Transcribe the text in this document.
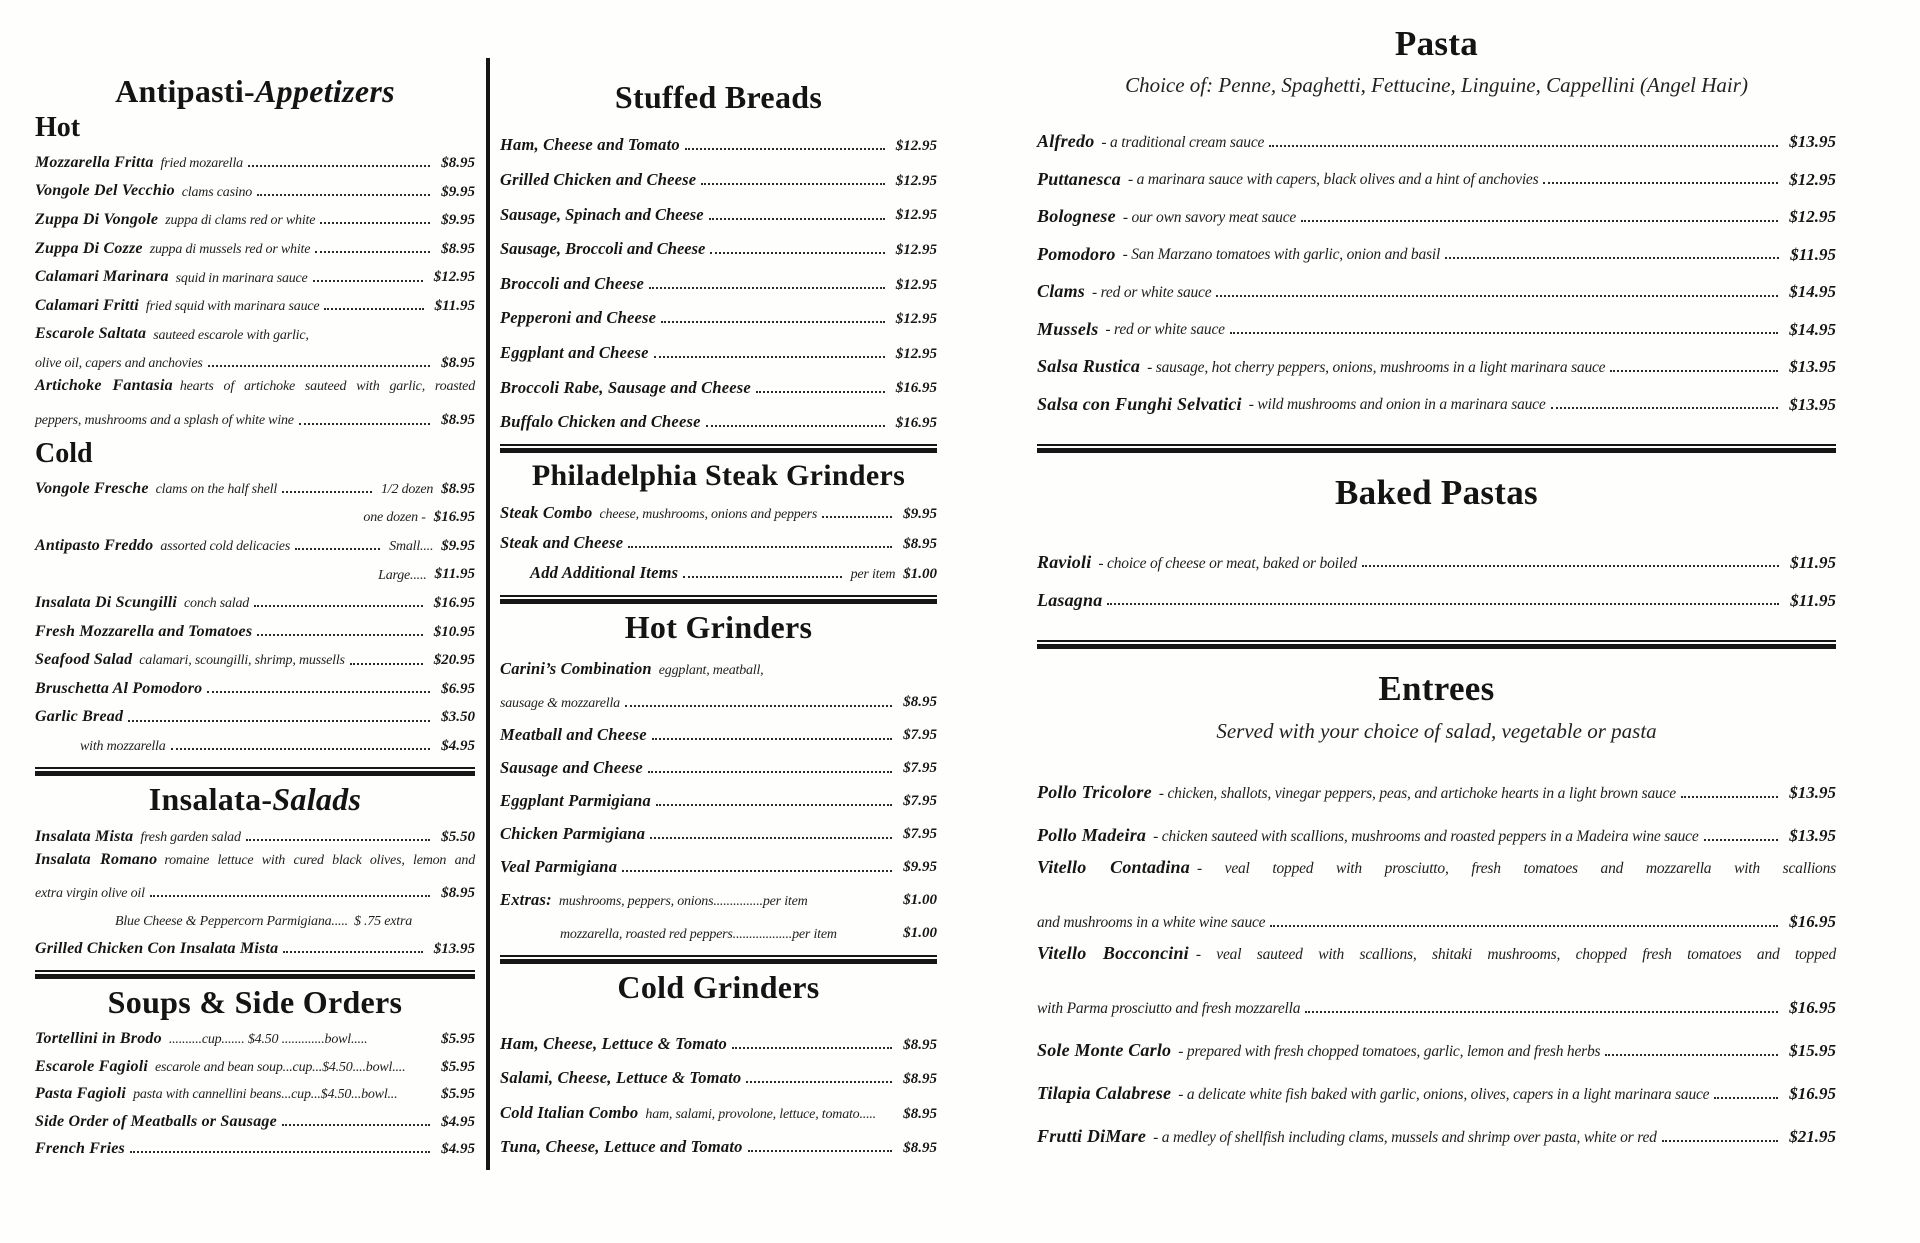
Antipasti-Appetizers
Hot
Mozzarella Fritta fried mozarella	$8.95
Vongole Del Vecchio clams casino	$9.95
Zuppa Di Vongole zuppa di clams red or white	$9.95
Zuppa Di Cozze zuppa di mussels red or white	$8.95
Calamari Marinara squid in marinara sauce	$12.95
Calamari Fritti fried squid with marinara sauce	$11.95
Escarole Saltata sauteed escarole with garlic,
olive oil, capers and anchovies	$8.95
Artichoke Fantasia hearts of artichoke sauteed with garlic, roasted
peppers, mushrooms and a splash of white wine	$8.95
Cold
Vongole Fresche clams on the half shell	1/2 dozen $8.95
one dozen - $16.95
Antipasto Freddo assorted cold delicacies	Small.... $9.95
Large..... $11.95
Insalata Di Scungilli conch salad	$16.95
Fresh Mozzarella and Tomatoes	$10.95
Seafood Salad calamari, scoungilli, shrimp, mussells	$20.95
Bruschetta Al Pomodoro	$6.95
Garlic Bread	$3.50
with mozzarella	$4.95
Insalata-Salads
Insalata Mista fresh garden salad	$5.50
Insalata Romano romaine lettuce with cured black olives, lemon and
extra virgin olive oil	$8.95
Blue Cheese & Peppercorn Parmigiana..... $ .75 extra
Grilled Chicken Con Insalata Mista	$13.95
Soups & Side Orders
Tortellini in Brodo ..........cup....... $4.50 .............bowl.....	$5.95
Escarole Fagioli escarole and bean soup...cup...$4.50....bowl.... $5.95
Pasta Fagioli pasta with cannellini beans...cup...$4.50...bowl...	$5.95
Side Order of Meatballs or Sausage	$4.95
French Fries	$4.95
Stuffed Breads
Ham, Cheese and Tomato	$12.95
Grilled Chicken and Cheese	$12.95
Sausage, Spinach and Cheese	$12.95
Sausage, Broccoli and Cheese	$12.95
Broccoli and Cheese	$12.95
Pepperoni and Cheese	$12.95
Eggplant and Cheese	$12.95
Broccoli Rabe, Sausage and Cheese	$16.95
Buffalo Chicken and Cheese	$16.95
Philadelphia Steak Grinders
Steak Combo cheese, mushrooms, onions and peppers	$9.95
Steak and Cheese	$8.95
Add Additional Items	per item $1.00
Hot Grinders
Carini’s Combination eggplant, meatball,
sausage & mozzarella	$8.95
Meatball and Cheese	$7.95
Sausage and Cheese	$7.95
Eggplant Parmigiana	$7.95
Chicken Parmigiana	$7.95
Veal Parmigiana	$9.95
Extras: mushrooms, peppers, onions...............per item	$1.00
mozzarella, roasted red peppers..................per item	$1.00
Cold Grinders
Ham, Cheese, Lettuce & Tomato	$8.95
Salami, Cheese, Lettuce & Tomato	$8.95
Cold Italian Combo ham, salami, provolone, lettuce, tomato..... $8.95
Tuna, Cheese, Lettuce and Tomato	$8.95
Pasta
Choice of: Penne, Spaghetti, Fettucine, Linguine, Cappellini (Angel Hair)
Alfredo - a traditional cream sauce	$13.95
Puttanesca - a marinara sauce with capers, black olives and a hint of anchovies	$12.95
Bolognese - our own savory meat sauce	$12.95
Pomodoro - San Marzano tomatoes with garlic, onion and basil	$11.95
Clams - red or white sauce	$14.95
Mussels - red or white sauce	$14.95
Salsa Rustica - sausage, hot cherry peppers, onions, mushrooms in a light marinara sauce	$13.95
Salsa con Funghi Selvatici - wild mushrooms and onion in a marinara sauce	$13.95
Baked Pastas
Ravioli - choice of cheese or meat, baked or boiled	$11.95
Lasagna	$11.95
Entrees
Served with your choice of salad, vegetable or pasta
Pollo Tricolore - chicken, shallots, vinegar peppers, peas, and artichoke hearts in a light brown sauce	$13.95
Pollo Madeira - chicken sauteed with scallions, mushrooms and roasted peppers in a Madeira wine sauce	$13.95
Vitello Contadina - veal topped with prosciutto, fresh tomatoes and mozzarella with scallions
and mushrooms in a white wine sauce	$16.95
Vitello Bocconcini - veal sauteed with scallions, shitaki mushrooms, chopped fresh tomatoes and topped
with Parma prosciutto and fresh mozzarella	$16.95
Sole Monte Carlo - prepared with fresh chopped tomatoes, garlic, lemon and fresh herbs	$15.95
Tilapia Calabrese - a delicate white fish baked with garlic, onions, olives, capers in a light marinara sauce	$16.95
Frutti DiMare - a medley of shellfish including clams, mussels and shrimp over pasta, white or red	$21.95
